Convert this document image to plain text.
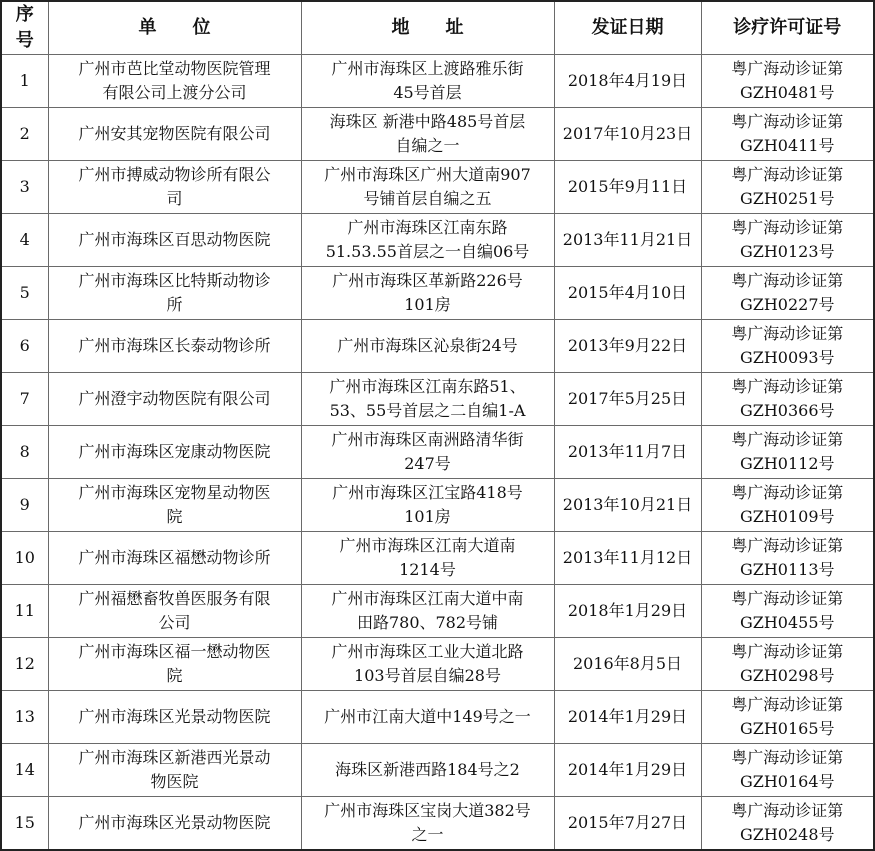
序
号	单　　位	地　　址	发证日期	诊疗许可证号
1	广州市芭比堂动物医院管理
有限公司上渡分公司	广州市海珠区上渡路雅乐街
45号首层	2018年4月19日	粤广海动诊证第
GZH0481号

2	广州安其宠物医院有限公司	海珠区 新港中路485号首层
自编之一	2017年10月23日	粤广海动诊证第
GZH0411号

3	广州市搏威动物诊所有限公
司	广州市海珠区广州大道南907
号铺首层自编之五	2015年9月11日	粤广海动诊证第
GZH0251号

4	广州市海珠区百思动物医院	广州市海珠区江南东路
51.53.55首层之一自编06号	2013年11月21日	粤广海动诊证第
GZH0123号

5	广州市海珠区比特斯动物诊
所	广州市海珠区革新路226号
101房	2015年4月10日	粤广海动诊证第
GZH0227号

6	广州市海珠区长泰动物诊所	广州市海珠区沁泉街24号	2013年9月22日	粤广海动诊证第
GZH0093号

7	广州澄宇动物医院有限公司	广州市海珠区江南东路51、
53、55号首层之二自编1-A	2017年5月25日	粤广海动诊证第
GZH0366号

8	广州市海珠区宠康动物医院	广州市海珠区南洲路清华街
247号	2013年11月7日	粤广海动诊证第
GZH0112号

9	广州市海珠区宠物星动物医
院	广州市海珠区江宝路418号
101房	2013年10月21日	粤广海动诊证第
GZH0109号

10	广州市海珠区福懋动物诊所	广州市海珠区江南大道南
1214号	2013年11月12日	粤广海动诊证第
GZH0113号

11	广州福懋畜牧兽医服务有限
公司	广州市海珠区江南大道中南
田路780、782号铺	2018年1月29日	粤广海动诊证第
GZH0455号

12	广州市海珠区福一懋动物医
院	广州市海珠区工业大道北路
103号首层自编28号	2016年8月5日	粤广海动诊证第
GZH0298号

13	广州市海珠区光景动物医院	广州市江南大道中149号之一	2014年1月29日	粤广海动诊证第
GZH0165号

14	广州市海珠区新港西光景动
物医院	海珠区新港西路184号之2	2014年1月29日	粤广海动诊证第
GZH0164号

15	广州市海珠区光景动物医院	广州市海珠区宝岗大道382号
之一	2015年7月27日	粤广海动诊证第
GZH0248号
